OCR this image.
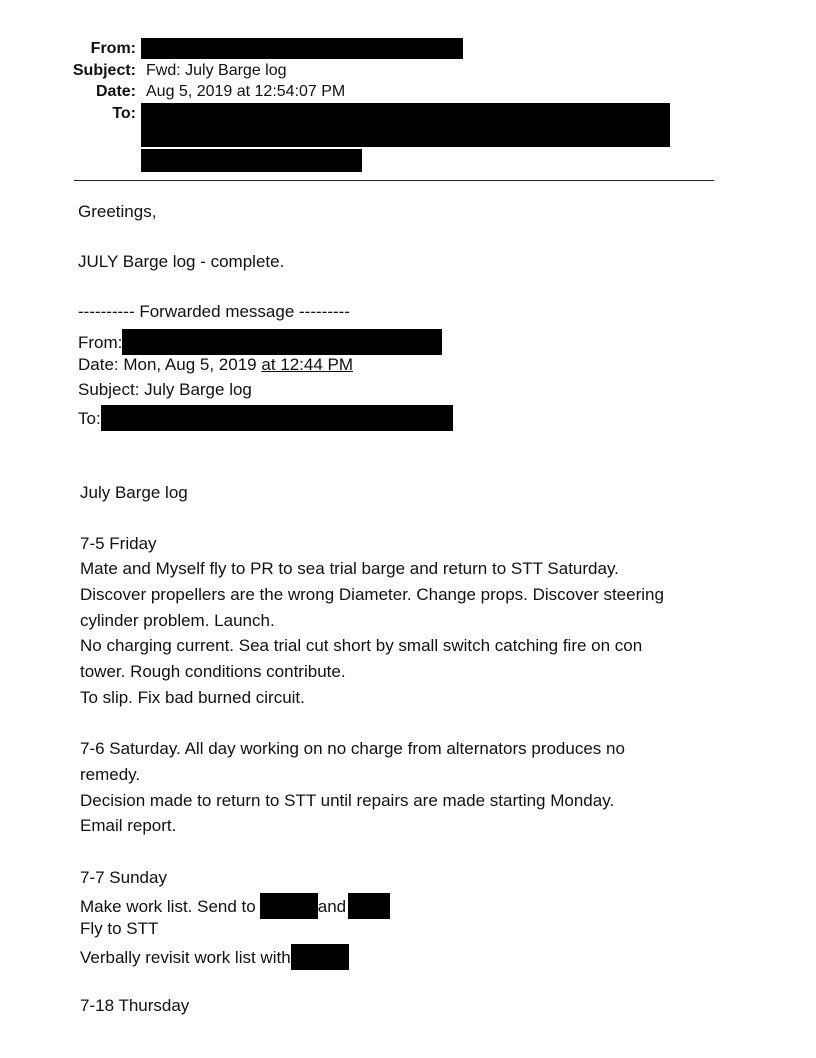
From:
Subject: Fwd: July Barge log
Date: Aug 5, 2019 at 12:54:07 PM
To:
Greetings,
JULY Barge log - complete.
---------- Forwarded message ---------
From:
Date: Mon, Aug 5, 2019 at 12:44 PM
Subject: July Barge log
To:
July Barge log
7-5 Friday
Mate and Myself fly to PR to sea trial barge and return to STT Saturday.
Discover propellers are the wrong Diameter. Change props. Discover steering
cylinder problem. Launch.
No charging current. Sea trial cut short by small switch catching fire on con
tower. Rough conditions contribute.
To slip. Fix bad burned circuit.
7-6 Saturday. All day working on no charge from alternators produces no
remedy.
Decision made to return to STT until repairs are made starting Monday.
Email report.
7-7 Sunday
Make work list. Send to	and
Fly to STT
Verbally revisit work list with
7-18 Thursday
